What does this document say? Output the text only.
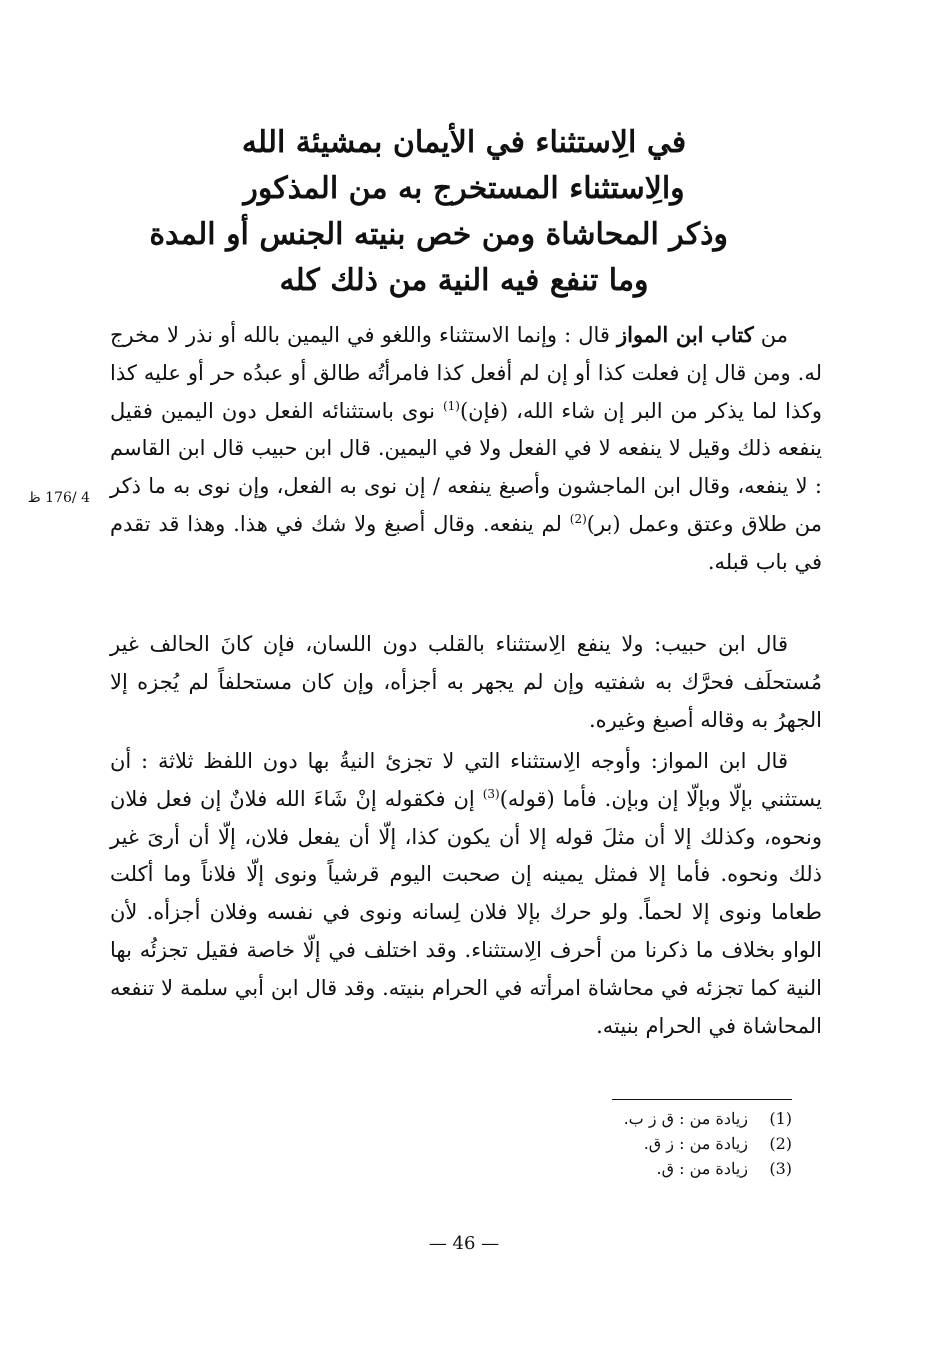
في الِاستثناء في الأيمان بمشيئة الله
والِاستثناء المستخرج به من المذكور
وذكر المحاشاة ومن خص بنيته الجنس أو المدة
وما تنفع فيه النية من ذلك كله

من كتاب ابن المواز قال : وإنما الاستثناء واللغو في اليمين بالله أو نذر لا مخرج له. ومن قال إن فعلت كذا أو إن لم أفعل كذا فامرأتُه طالق أو عبدُه حر أو عليه كذا وكذا لما يذكر من البر إن شاء الله، (فإن)$^{(1)}$ نوى باستثنائه الفعل دون اليمين فقيل ينفعه ذلك وقيل لا ينفعه لا في الفعل ولا في اليمين. قال ابن حبيب قال ابن القاسم : لا ينفعه، وقال ابن الماجشون وأصبغ ينفعه / إن نوى به الفعل، وإن نوى به ما ذكر من طلاق وعتق وعمل (بر)$^{(2)}$ لم ينفعه. وقال أصبغ ولا شك في هذا. وهذا قد تقدم في باب قبله.

4 /176 ظ

قال ابن حبيب: ولا ينفع الِاستثناء بالقلب دون اللسان، فإن كانَ الحالف غير مُستحلَف فحرَّك به شفتيه وإن لم يجهر به أجزأه، وإن كان مستحلفاً لم يُجزه إلا الجهرُ به وقاله أصبغ وغيره.

قال ابن المواز: وأوجه الِاستثناء التي لا تجزئ النيةُ بها دون اللفظ ثلاثة : أن يستثني بإلّا وبإلّا إن وبإن. فأما (قوله)$^{(3)}$ إن فكقوله إنْ شَاءَ الله فلانٌ إن فعل فلان ونحوه، وكذلك إلا أن مثلَ قوله إلا أن يكون كذا، إلّا أن يفعل فلان، إلّا أن أرىَ غير ذلك ونحوه. فأما إلا فمثل يمينه إن صحبت اليوم قرشياً ونوى إلّا فلاناً وما أكلت طعاما ونوى إلا لحماً. ولو حرك بإلا فلان لِسانه ونوى في نفسه وفلان أجزأه. لأن الواو بخلاف ما ذكرنا من أحرف الِاستثناء. وقد اختلف في إلّا خاصة فقيل تجزئُه بها النية كما تجزئه في محاشاة امرأته في الحرام بنيته. وقد قال ابن أبي سلمة لا تنفعه المحاشاة في الحرام بنيته.

(1)
زيادة من : ق ز ب.
(2)
زيادة من : ز ق.
(3)
زيادة من : ق.
— 46 —
